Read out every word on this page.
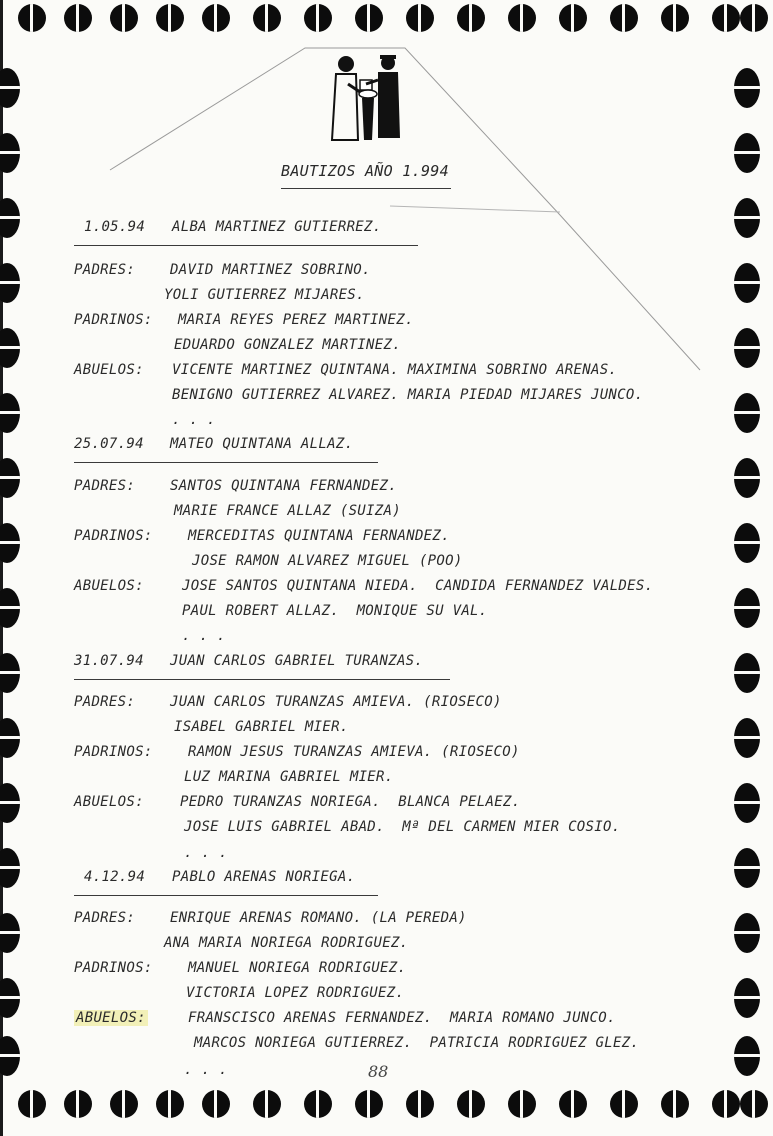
BAUTIZOS AÑO 1.994
1.05.94 ALBA MARTINEZ GUTIERREZ.
PADRES: DAVID MARTINEZ SOBRINO.
YOLI GUTIERREZ MIJARES.
PADRINOS: MARIA REYES PEREZ MARTINEZ.
EDUARDO GONZALEZ MARTINEZ.
ABUELOS: VICENTE MARTINEZ QUINTANA. MAXIMINA SOBRINO ARENAS.
BENIGNO GUTIERREZ ALVAREZ. MARIA PIEDAD MIJARES JUNCO.
. . .
25.07.94 MATEO QUINTANA ALLAZ.
PADRES: SANTOS QUINTANA FERNANDEZ.
MARIE FRANCE ALLAZ (SUIZA)
PADRINOS:	MERCEDITAS QUINTANA FERNANDEZ.
JOSE RAMON ALVAREZ MIGUEL (POO)
ABUELOS:	JOSE SANTOS QUINTANA NIEDA.  CANDIDA FERNANDEZ VALDES.
PAUL ROBERT ALLAZ.  MONIQUE SU VAL.
. . .
31.07.94 JUAN CARLOS GABRIEL TURANZAS.
PADRES: JUAN CARLOS TURANZAS AMIEVA. (RIOSECO)
ISABEL GABRIEL MIER.
PADRINOS:	RAMON JESUS TURANZAS AMIEVA. (RIOSECO)
LUZ MARINA GABRIEL MIER.
ABUELOS:	PEDRO TURANZAS NORIEGA.  BLANCA PELAEZ.
JOSE LUIS GABRIEL ABAD.  Mª DEL CARMEN MIER COSIO.
. . .
4.12.94 PABLO ARENAS NORIEGA.
PADRES: ENRIQUE ARENAS ROMANO. (LA PEREDA)
ANA MARIA NORIEGA RODRIGUEZ.
PADRINOS:	MANUEL NORIEGA RODRIGUEZ.
VICTORIA LOPEZ RODRIGUEZ.
ABUELOS:	FRANSCISCO ARENAS FERNANDEZ.  MARIA ROMANO JUNCO.
MARCOS NORIEGA GUTIERREZ.  PATRICIA RODRIGUEZ GLEZ.
. . .	88
